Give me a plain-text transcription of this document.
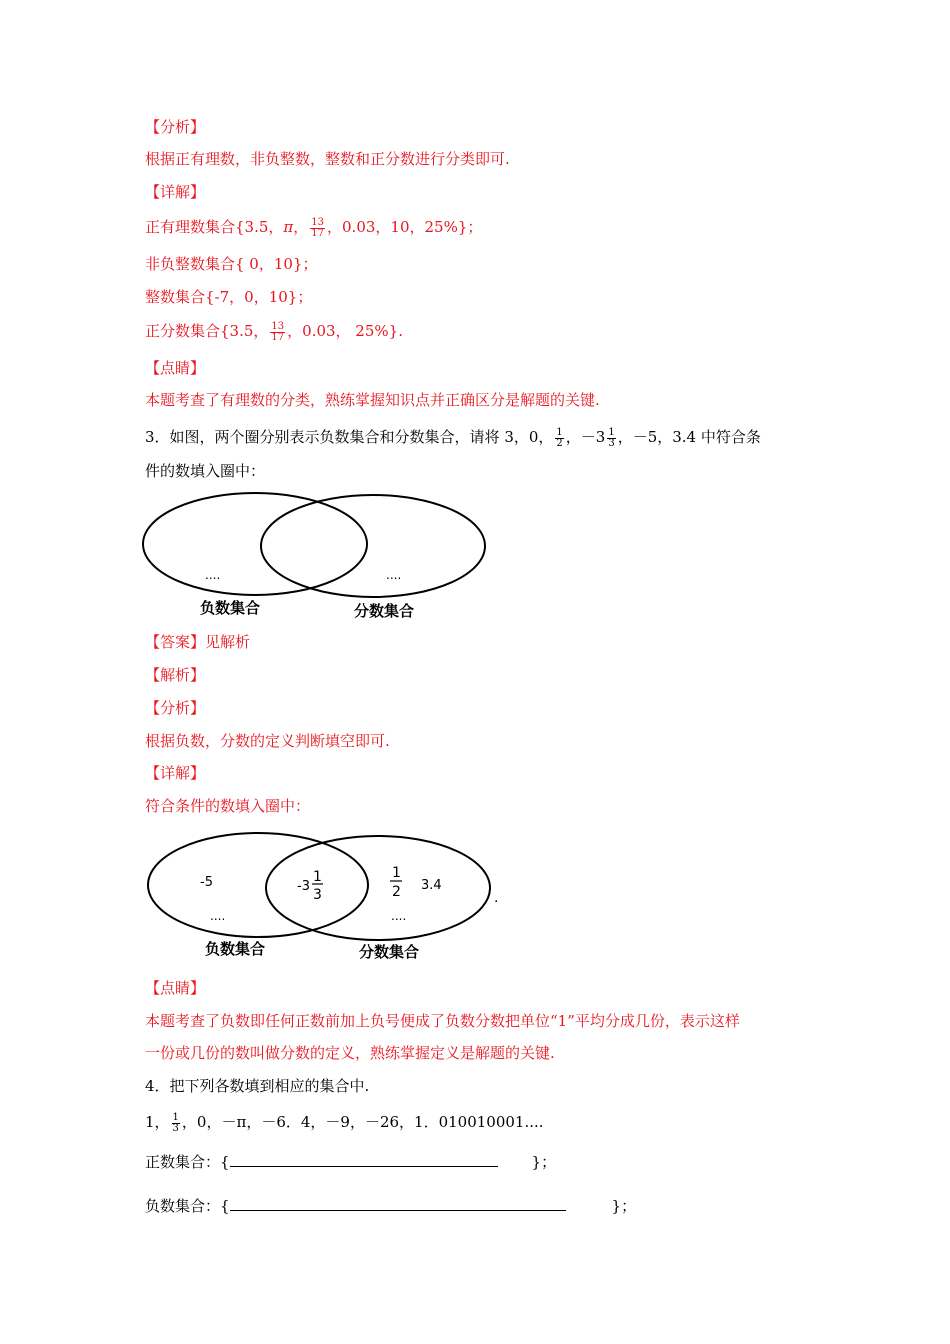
【分析】
根据正有理数，非负整数，整数和正分数进行分类即可.
【详解】
正有理数集合{3.5，π， $\frac{13}{17}$ ，0.03，10，25%}；
非负整数集合{ 0，10}；
整数集合{-7，0，10}；
正分数集合{3.5， $\frac{13}{17}$ ，0.03， 25%}.
【点睛】
本题考查了有理数的分类，熟练掌握知识点并正确区分是解题的关键.
3．如图，两个圈分别表示负数集合和分数集合，请将 3，0， $\frac{1}{2}$ ，$-3 \frac{1}{3}$ ，－5，3.4 中符合条
件的数填入圈中：
....	....
负数集合	分数集合
【答案】见解析
【解析】
【分析】
根据负数，分数的定义判断填空即可.
【详解】
符合条件的数填入圈中：
-5	-3
1
3
1
2 3.4
....	....
负数集合	分数集合
.
【点睛】
本题考查了负数即任何正数前加上负号便成了负数分数把单位“1”平均分成几份，表示这样
一份或几份的数叫做分数的定义，熟练掌握定义是解题的关键.
4．把下列各数填到相应的集合中.
1， $\frac{1}{3}$ ，0，－π，－6．4，－9，－26，1．010010001....
正数集合：{	}；
负数集合：{	}；
